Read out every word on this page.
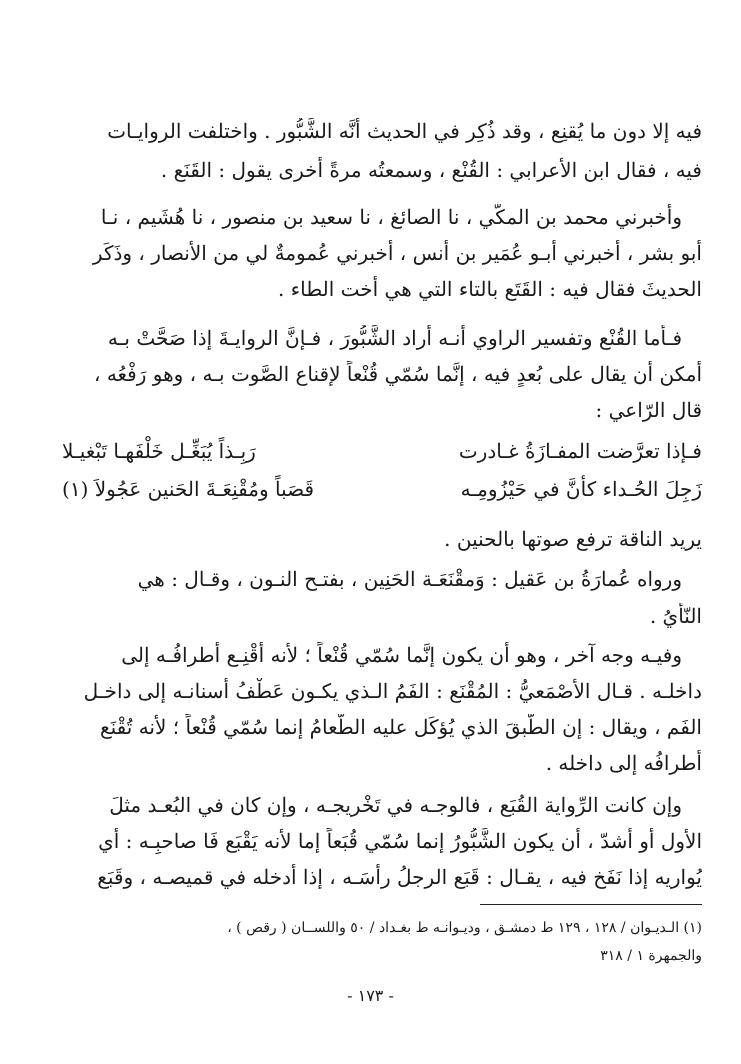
فيه إلا دون ما يُقنِع ، وقد ذُكِر في الحديث أنَّه الشَّبُّور . واختلفت الروايـات
فيه ، فقال ابن الأعرابي : القُنْع ، وسمعتُه مرةً أخرى يقول : القَنَع .
وأخبرني محمد بن المكّي ، نا الصائغ ، نا سعيد بن منصور ، نا هُشَيم ، نـا
أبو بشر ، أخبرني أبـو عُمَير بن أنس ، أخبرني عُمومةٌ لي من الأنصار ، وذَكَر
الحديثَ فقال فيه : القَتَع بالتاء التي هي أخت الطاء .
فـأما القُنْع وتفسير الراوي أنـه أراد الشَّبُّورَ ، فـإنَّ الروايـةَ إذا صَحَّتْ بـه
أمكن أن يقال على بُعدٍ فيه ، إنَّما سُمّي قُنْعاً لإقناع الصَّوت بـه ، وهو رَفْعُه ،
قال الرّاعي :
فـإذا تعرَّضت المفـازَةُ غـادرت
رَبِـذاً يُبَغِّـل خَلْفَهـا تَبْغيـلا
زَجِلَ الحُـداء كأنَّ في حَيْزُومِـه
قَصَباً ومُقْنِعَـةَ الحَنين عَجُولاَ (١)
يريد الناقة ترفع صوتها بالحنين .
ورواه عُمارَةُ بن عَقيل : وَمقْنَعَـة الحَنِين ، بفتـح النـون ، وقـال : هي
النّأْيُ .
وفيـه وجه آخر ، وهو أن يكون إنَّما سُمّي قُنْعاً ؛ لأنه أُقْنِـع أطرافُـه إلى
داخلـه . قـال الأصْمَعيُّ : المُقْنَع : الفَمُ الـذي يكـون عَطْفُ أسنانـه إلى داخـل
الفَم ، ويقال : إن الطَّبقَ الذي يُؤكَل عليه الطَّعامُ إنما سُمّي قُنْعاً ؛ لأنه تُقْنَع
أطرافُه إلى داخله .
وإن كانت الرِّواية القُبَع ، فالوجـه في تَخْريجـه ، وإن كان في البُعـد مثلَ
الأول أو أشدّ ، أن يكون الشَّبُّورُ إنما سُمّي قُبَعاً إما لأنه يَقْبَع فَا صاحبِـه : أي
يُواريه إذا نَفَخ فيه ، يقـال : قَبَع الرجلُ رأسَـه ، إذا أدخله في قميصـه ، وقَبَع
(١) الـديـوان / ١٢٨ ، ١٢٩ ط دمشـق ، وديـوانـه ط بغـداد / ٥٠ واللســان ( رقص ) ،
والجمهرة ١ / ٣١٨
- ١٧٣ -
